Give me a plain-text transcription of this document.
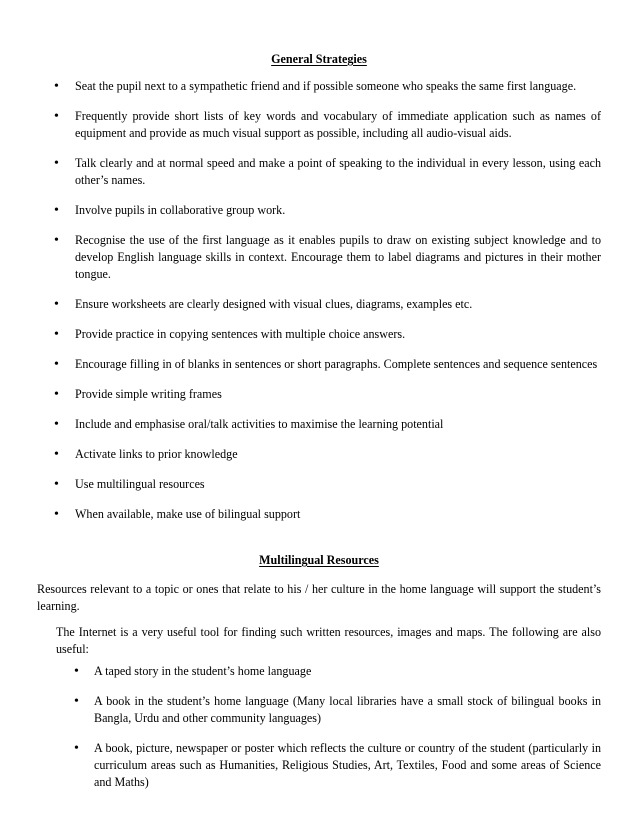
General Strategies
• Seat the pupil next to a sympathetic friend and if possible someone who speaks the same first language.
• Frequently provide short lists of key words and vocabulary of immediate application such as names of equipment and provide as much visual support as possible, including all audio-visual aids.
• Talk clearly and at normal speed and make a point of speaking to the individual in every lesson, using each other’s names.
• Involve pupils in collaborative group work.
• Recognise the use of the first language as it enables pupils to draw on existing subject knowledge and to develop English language skills in context. Encourage them to label diagrams and pictures in their mother tongue.
• Ensure worksheets are clearly designed with visual clues, diagrams, examples etc.
• Provide practice in copying sentences with multiple choice answers.
• Encourage filling in of blanks in sentences or short paragraphs. Complete sentences and sequence sentences
• Provide simple writing frames
• Include and emphasise oral/talk activities to maximise the learning potential
• Activate links to prior knowledge
• Use multilingual resources
• When available, make use of bilingual support
Multilingual Resources
Resources relevant to a topic or ones that relate to his / her culture in the home language will support the student’s learning.
The Internet is a very useful tool for finding such written resources, images and maps. The following are also useful:
• A taped story in the student’s home language
• A book in the student’s home language (Many local libraries have a small stock of bilingual books in Bangla, Urdu and other community languages)
• A book, picture, newspaper or poster which reflects the culture or country of the student (particularly in curriculum areas such as Humanities, Religious Studies, Art, Textiles, Food and some areas of Science and Maths)
